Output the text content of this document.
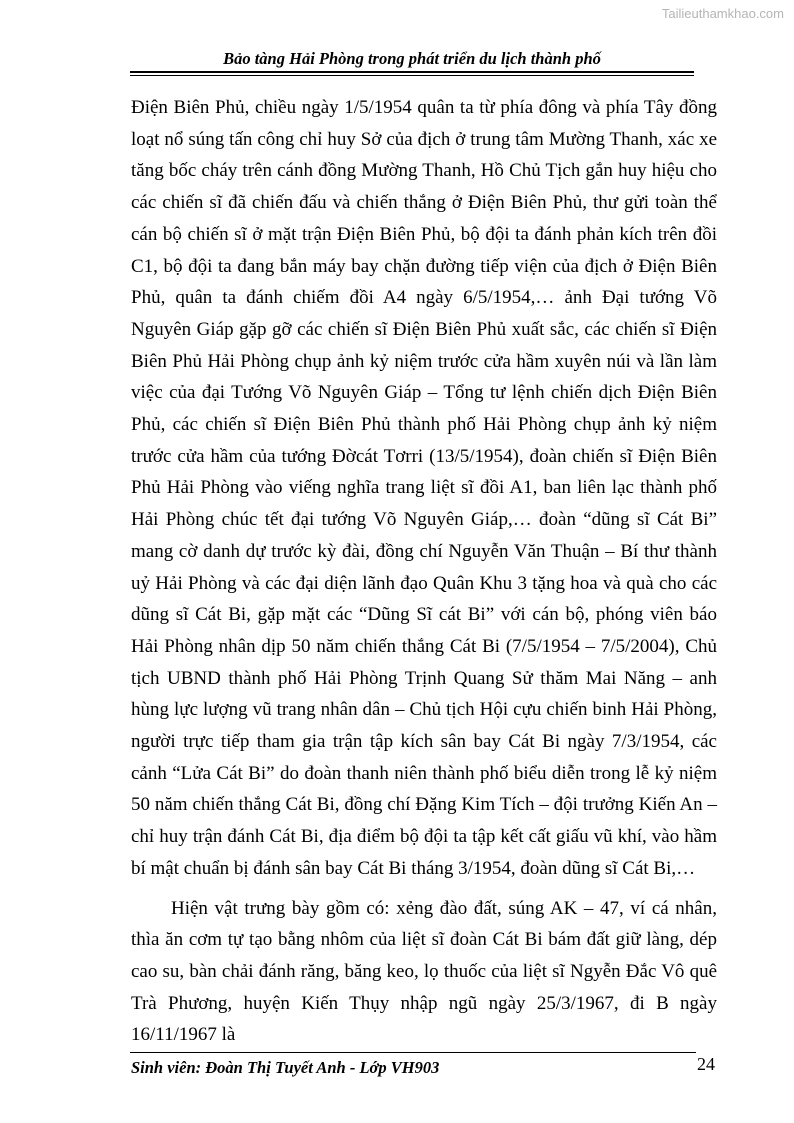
Tailieuthamkhao.com
Bảo tàng Hải Phòng trong phát triển du lịch thành phố

Điện Biên Phủ, chiều ngày 1/5/1954 quân ta từ phía đông và phía Tây đồng loạt nổ súng tấn công chỉ huy Sở của địch ở trung tâm Mường Thanh, xác xe tăng bốc cháy trên cánh đồng Mường Thanh, Hồ Chủ Tịch gắn huy hiệu cho các chiến sĩ đã chiến đấu và chiến thắng ở Điện Biên Phủ, thư gửi toàn thể cán bộ chiến sĩ ở mặt trận Điện Biên Phủ, bộ đội ta đánh phản kích trên đồi C1, bộ đội ta đang bắn máy bay chặn đường tiếp viện của địch ở Điện Biên Phủ, quân ta đánh chiếm đồi A4 ngày 6/5/1954,… ảnh Đại tướng Võ Nguyên Giáp gặp gỡ các chiến sĩ Điện Biên Phủ xuất sắc, các chiến sĩ Điện Biên Phủ Hải Phòng chụp ảnh kỷ niệm trước cửa hầm xuyên núi và lần làm việc của đại Tướng Võ Nguyên Giáp – Tổng tư lệnh chiến dịch Điện Biên Phủ, các chiến sĩ Điện Biên Phủ thành phố Hải Phòng chụp ảnh kỷ niệm trước cửa hầm của tướng Đờcát Tơrri (13/5/1954), đoàn chiến sĩ Điện Biên Phủ Hải Phòng vào viếng nghĩa trang liệt sĩ đồi A1, ban liên lạc thành phố Hải Phòng chúc tết đại tướng Võ Nguyên Giáp,… đoàn “dũng sĩ Cát Bi” mang cờ danh dự trước kỳ đài, đồng chí Nguyễn Văn Thuận – Bí thư thành uỷ Hải Phòng và các đại diện lãnh đạo Quân Khu 3 tặng hoa và quà cho các dũng sĩ Cát Bi, gặp mặt các “Dũng Sĩ cát Bi” với cán bộ, phóng viên báo Hải Phòng nhân dịp 50 năm chiến thắng Cát Bi (7/5/1954 – 7/5/2004), Chủ tịch UBND thành phố Hải Phòng Trịnh Quang Sử thăm Mai Năng – anh hùng lực lượng vũ trang nhân dân – Chủ tịch Hội cựu chiến binh Hải Phòng, người trực tiếp tham gia trận tập kích sân bay Cát Bi ngày 7/3/1954, các cảnh “Lửa Cát Bi” do đoàn thanh niên thành phố biểu diễn trong lễ kỷ niệm 50 năm chiến thắng Cát Bi, đồng chí Đặng Kim Tích – đội trưởng Kiến An – chỉ huy trận đánh Cát Bi, địa điểm bộ đội ta tập kết cất giấu vũ khí, vào hầm bí mật chuẩn bị đánh sân bay Cát Bi tháng 3/1954, đoàn dũng sĩ Cát Bi,…

Hiện vật trưng bày gồm có: xẻng đào đất, súng AK – 47, ví cá nhân, thìa ăn cơm tự tạo bằng nhôm của liệt sĩ đoàn Cát Bi bám đất giữ làng, dép cao su, bàn chải đánh răng, băng keo, lọ thuốc của liệt sĩ Ngyễn Đắc Vô quê Trà Phương, huyện Kiến Thụy nhập ngũ ngày 25/3/1967, đi B ngày 16/11/1967 là

Sinh viên: Đoàn Thị Tuyết Anh - Lớp VH903	24
